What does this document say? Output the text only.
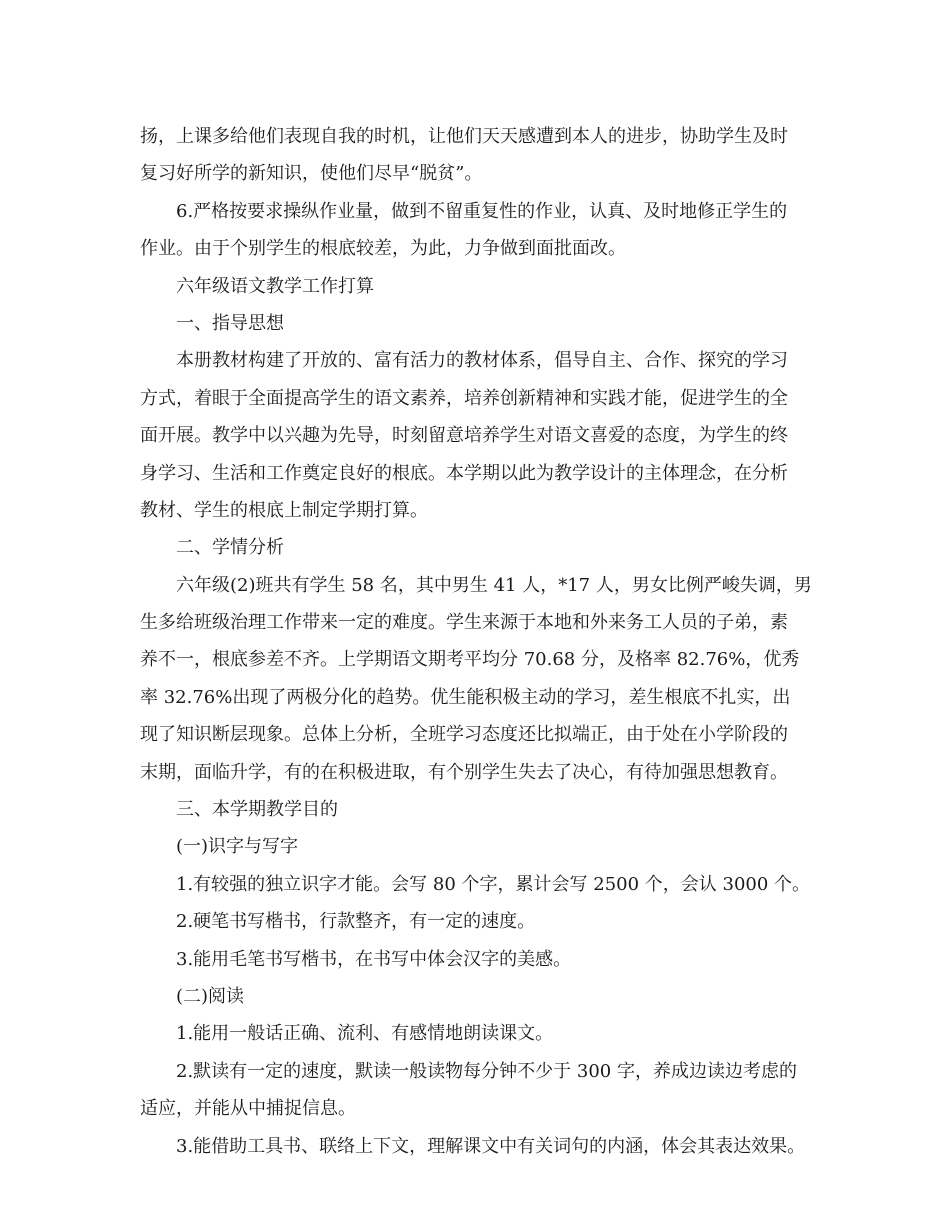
扬，上课多给他们表现自我的时机，让他们天天感遭到本人的进步，协助学生及时
复习好所学的新知识，使他们尽早“脱贫”。
6.严格按要求操纵作业量，做到不留重复性的作业，认真、及时地修正学生的
作业。由于个别学生的根底较差，为此，力争做到面批面改。
六年级语文教学工作打算
一、指导思想
本册教材构建了开放的、富有活力的教材体系，倡导自主、合作、探究的学习
方式，着眼于全面提高学生的语文素养，培养创新精神和实践才能，促进学生的全
面开展。教学中以兴趣为先导，时刻留意培养学生对语文喜爱的态度，为学生的终
身学习、生活和工作奠定良好的根底。本学期以此为教学设计的主体理念，在分析
教材、学生的根底上制定学期打算。
二、学情分析
六年级(2)班共有学生 58 名，其中男生 41 人，*17 人，男女比例严峻失调，男
生多给班级治理工作带来一定的难度。学生来源于本地和外来务工人员的子弟，素
养不一，根底参差不齐。上学期语文期考平均分 70.68 分，及格率 82.76%，优秀
率 32.76%出现了两极分化的趋势。优生能积极主动的学习，差生根底不扎实，出
现了知识断层现象。总体上分析，全班学习态度还比拟端正，由于处在小学阶段的
末期，面临升学，有的在积极进取，有个别学生失去了决心，有待加强思想教育。
三、本学期教学目的
(一)识字与写字
1.有较强的独立识字才能。会写 80 个字，累计会写 2500 个，会认 3000 个。
2.硬笔书写楷书，行款整齐，有一定的速度。
3.能用毛笔书写楷书，在书写中体会汉字的美感。
(二)阅读
1.能用一般话正确、流利、有感情地朗读课文。
2.默读有一定的速度，默读一般读物每分钟不少于 300 字，养成边读边考虑的
适应，并能从中捕捉信息。
3.能借助工具书、联络上下文，理解课文中有关词句的内涵，体会其表达效果。
